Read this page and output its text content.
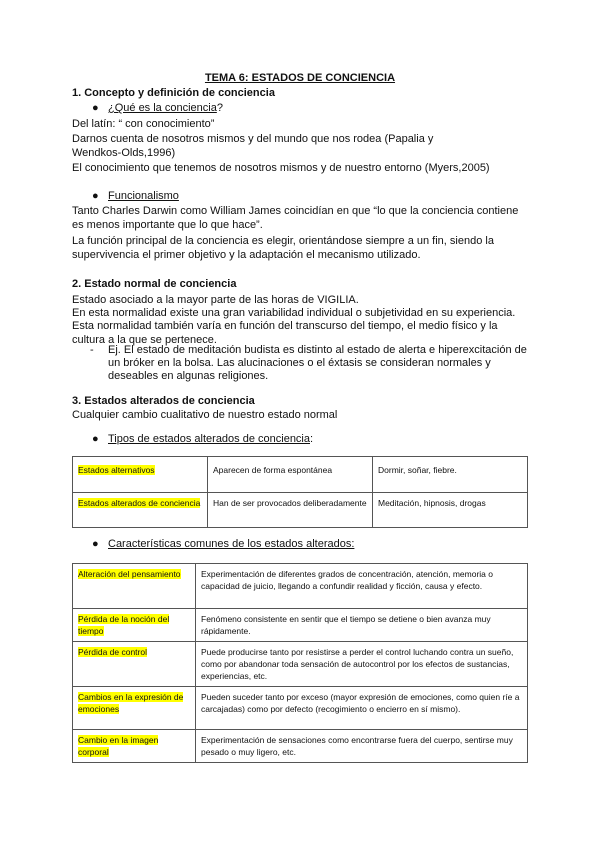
TEMA 6: ESTADOS DE CONCIENCIA
1. Concepto y definición de conciencia
● ¿Qué es la conciencia?
Del latín: “ con conocimiento”
Darnos cuenta de nosotros mismos y del mundo que nos rodea (Papalia y
Wendkos-Olds,1996)
El conocimiento que tenemos de nosotros mismos y de nuestro entorno (Myers,2005)
● Funcionalismo
Tanto Charles Darwin como William James coincidían en que “lo que la conciencia contiene es menos importante que lo que hace”.
La función principal de la conciencia es elegir, orientándose siempre a un fin, siendo la supervivencia el primer objetivo y la adaptación el mecanismo utilizado.
2. Estado normal de conciencia
Estado asociado a la mayor parte de las horas de VIGILIA.
En esta normalidad existe una gran variabilidad individual o subjetividad en su experiencia.
Esta normalidad también varía en función del transcurso del tiempo, el medio físico y la cultura a la que se pertenece.
- Ej. El estado de meditación budista es distinto al estado de alerta e hiperexcitación de un bróker en la bolsa. Las alucinaciones o el éxtasis se consideran normales y deseables en algunas religiones.
3. Estados alterados de conciencia
Cualquier cambio cualitativo de nuestro estado normal
● Tipos de estados alterados de conciencia:
Estados alternativos	Aparecen de forma espontánea	Dormir, soñar, fiebre.
Estados alterados de conciencia	Han de ser provocados deliberadamente	Meditación, hipnosis, drogas
● Características comunes de los estados alterados:
Alteración del pensamiento	Experimentación de diferentes grados de concentración, atención, memoria o capacidad de juicio, llegando a confundir realidad y ficción, causa y efecto.
Pérdida de la noción del tiempo	Fenómeno consistente en sentir que el tiempo se detiene o bien avanza muy rápidamente.
Pérdida de control	Puede producirse tanto por resistirse a perder el control luchando contra un sueño, como por abandonar toda sensación de autocontrol por los efectos de sustancias, experiencias, etc.
Cambios en la expresión de emociones	Pueden suceder tanto por exceso (mayor expresión de emociones, como quien ríe a carcajadas) como por defecto (recogimiento o encierro en sí mismo).
Cambio en la imagen corporal	Experimentación de sensaciones como encontrarse fuera del cuerpo, sentirse muy pesado o muy ligero, etc.
